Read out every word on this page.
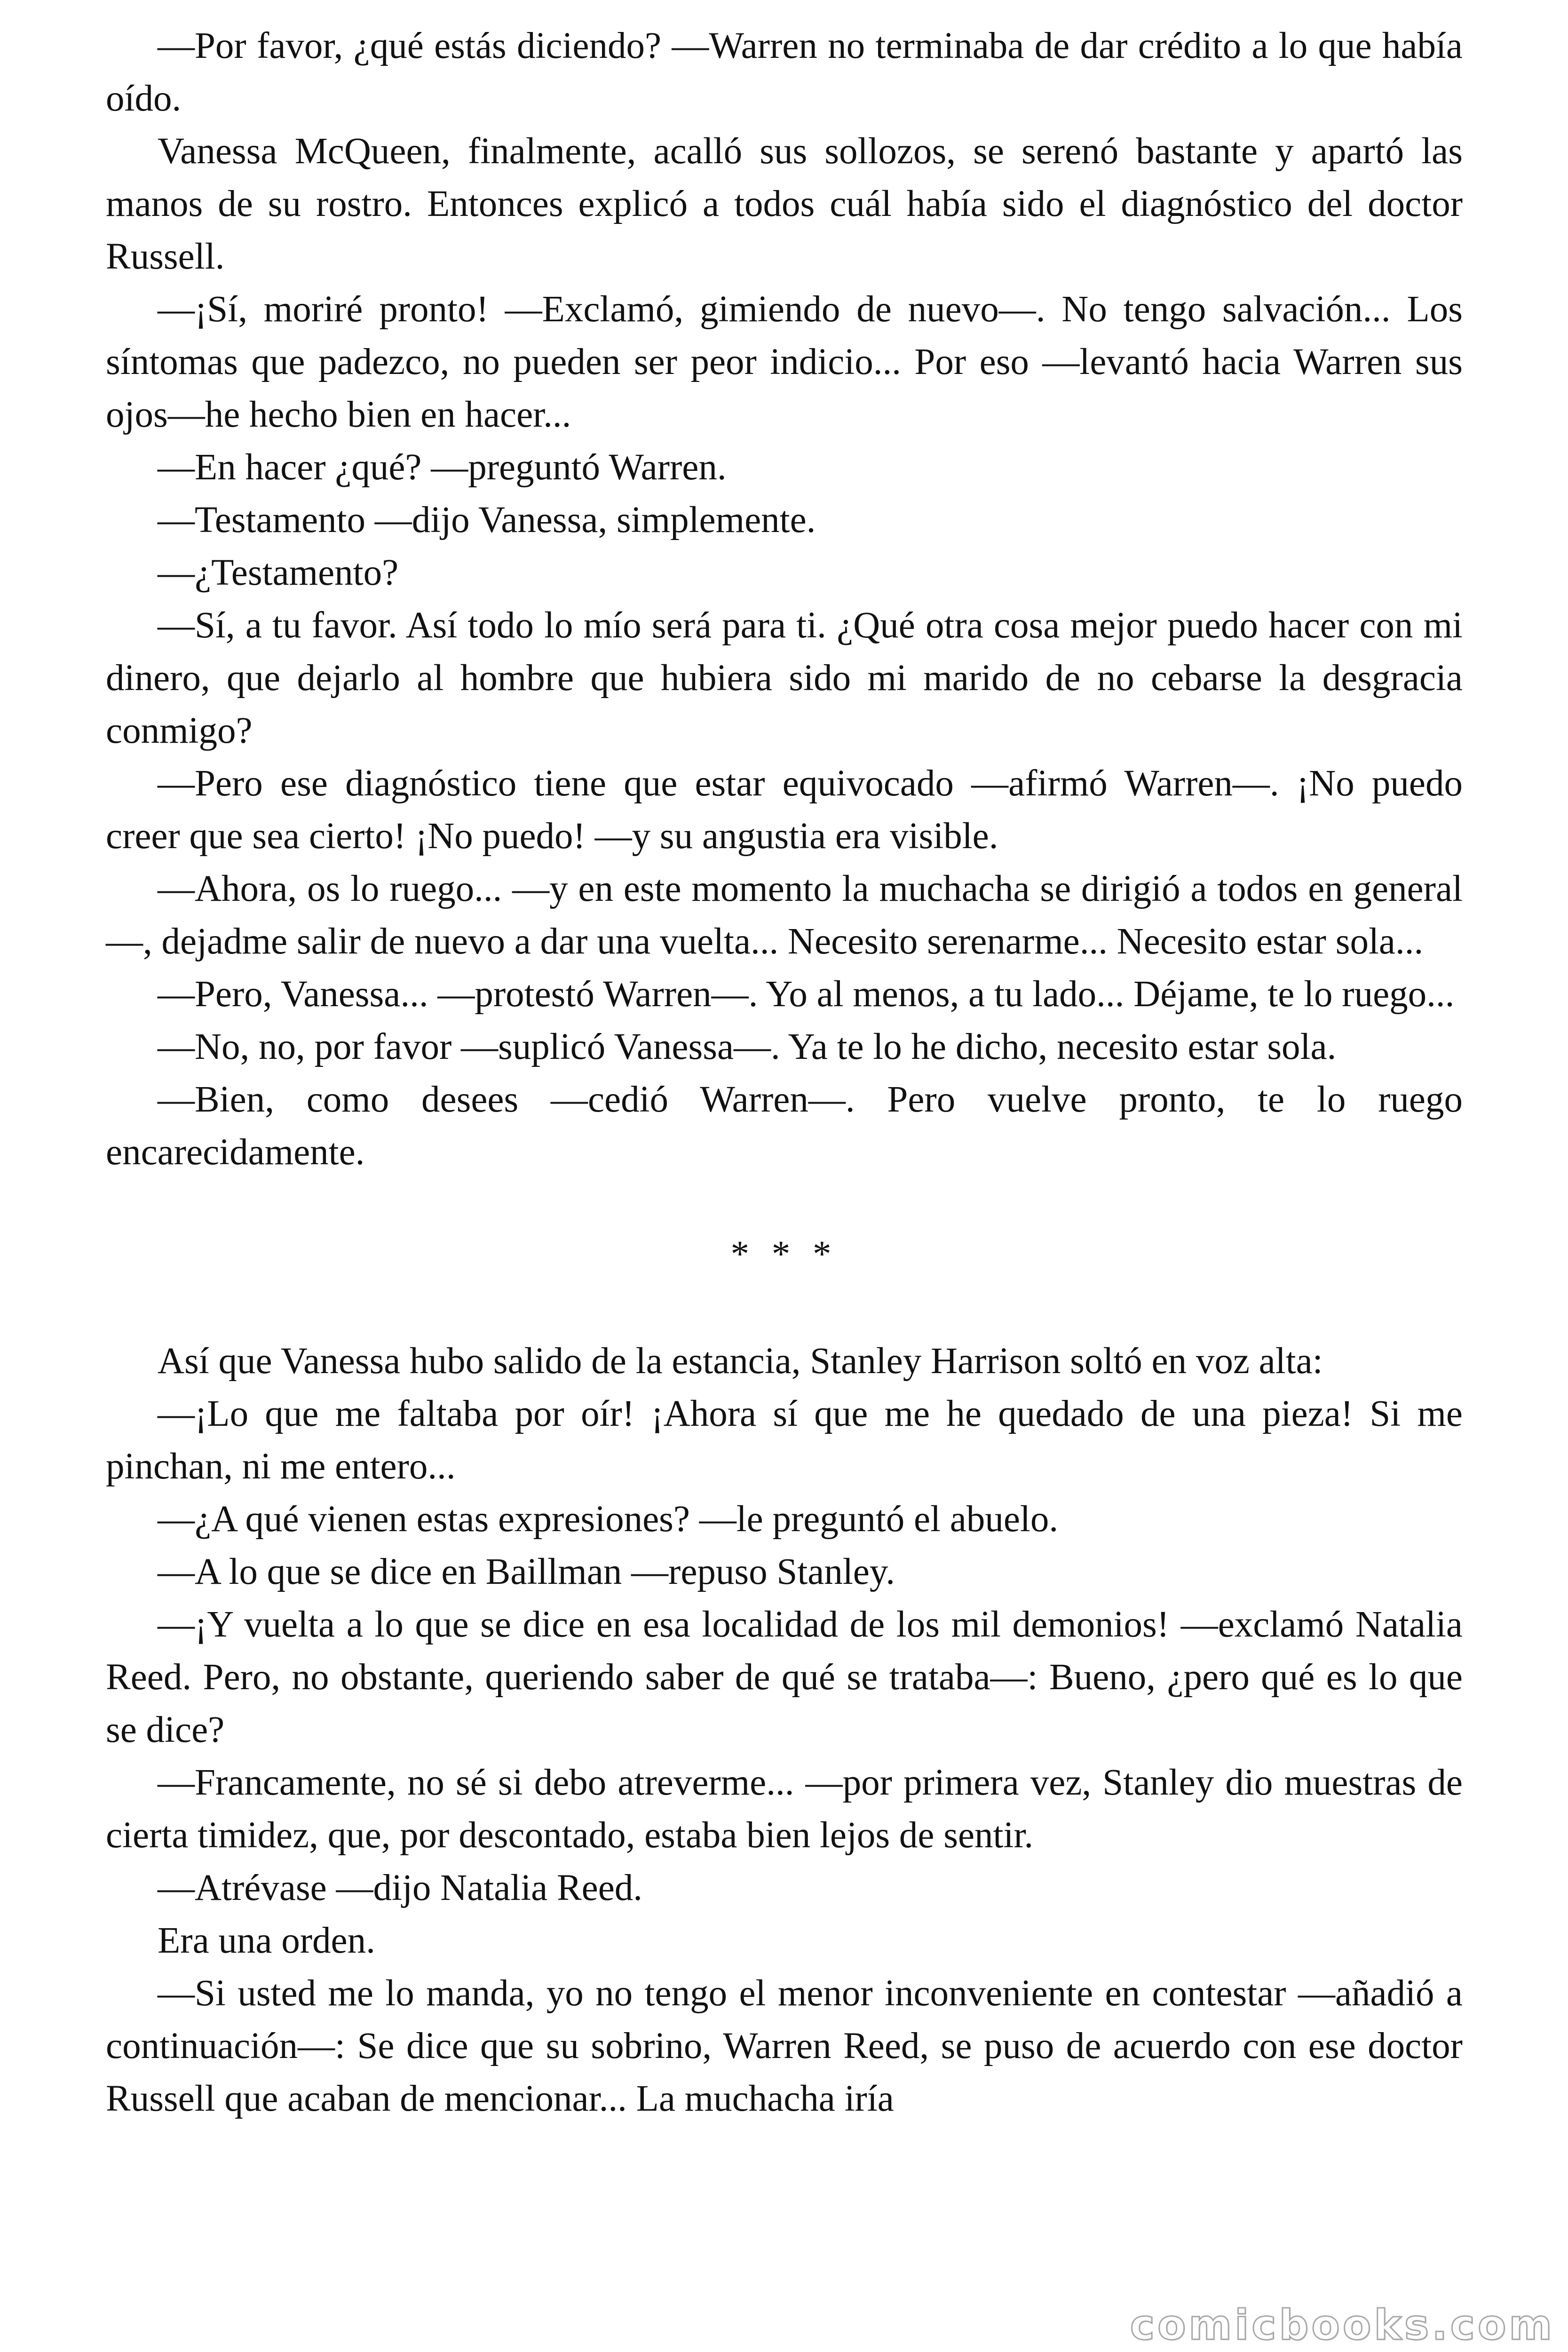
—Por favor, ¿qué estás diciendo? —Warren no terminaba de dar crédito a lo que había oído.

Vanessa McQueen, finalmente, acalló sus sollozos, se serenó bastante y apartó las manos de su rostro. Entonces explicó a todos cuál había sido el diagnóstico del doctor Russell.

—¡Sí, moriré pronto! —Exclamó, gimiendo de nuevo—. No tengo salvación... Los síntomas que padezco, no pueden ser peor indicio... Por eso —levantó hacia Warren sus ojos—he hecho bien en hacer...

—En hacer ¿qué? —preguntó Warren.

—Testamento —dijo Vanessa, simplemente.

—¿Testamento?

—Sí, a tu favor. Así todo lo mío será para ti. ¿Qué otra cosa mejor puedo hacer con mi dinero, que dejarlo al hombre que hubiera sido mi marido de no cebarse la desgracia conmigo?

—Pero ese diagnóstico tiene que estar equivocado —afirmó Warren—. ¡No puedo creer que sea cierto! ¡No puedo! —y su angustia era visible.

—Ahora, os lo ruego... —y en este momento la muchacha se dirigió a todos en general—, dejadme salir de nuevo a dar una vuelta... Necesito serenarme... Necesito estar sola...

—Pero, Vanessa... —protestó Warren—. Yo al menos, a tu lado... Déjame, te lo ruego...

—No, no, por favor —suplicó Vanessa—. Ya te lo he dicho, necesito estar sola.

—Bien, como desees —cedió Warren—. Pero vuelve pronto, te lo ruego encarecidamente.

* * *

Así que Vanessa hubo salido de la estancia, Stanley Harrison soltó en voz alta:

—¡Lo que me faltaba por oír! ¡Ahora sí que me he quedado de una pieza! Si me pinchan, ni me entero...

—¿A qué vienen estas expresiones? —le preguntó el abuelo.

—A lo que se dice en Baillman —repuso Stanley.

—¡Y vuelta a lo que se dice en esa localidad de los mil demonios! —exclamó Natalia Reed. Pero, no obstante, queriendo saber de qué se trataba—: Bueno, ¿pero qué es lo que se dice?

—Francamente, no sé si debo atreverme... —por primera vez, Stanley dio muestras de cierta timidez, que, por descontado, estaba bien lejos de sentir.

—Atrévase —dijo Natalia Reed.

Era una orden.

—Si usted me lo manda, yo no tengo el menor inconveniente en contestar —añadió a continuación—: Se dice que su sobrino, Warren Reed, se puso de acuerdo con ese doctor Russell que acaban de mencionar... La muchacha iría

comicbooks.com
